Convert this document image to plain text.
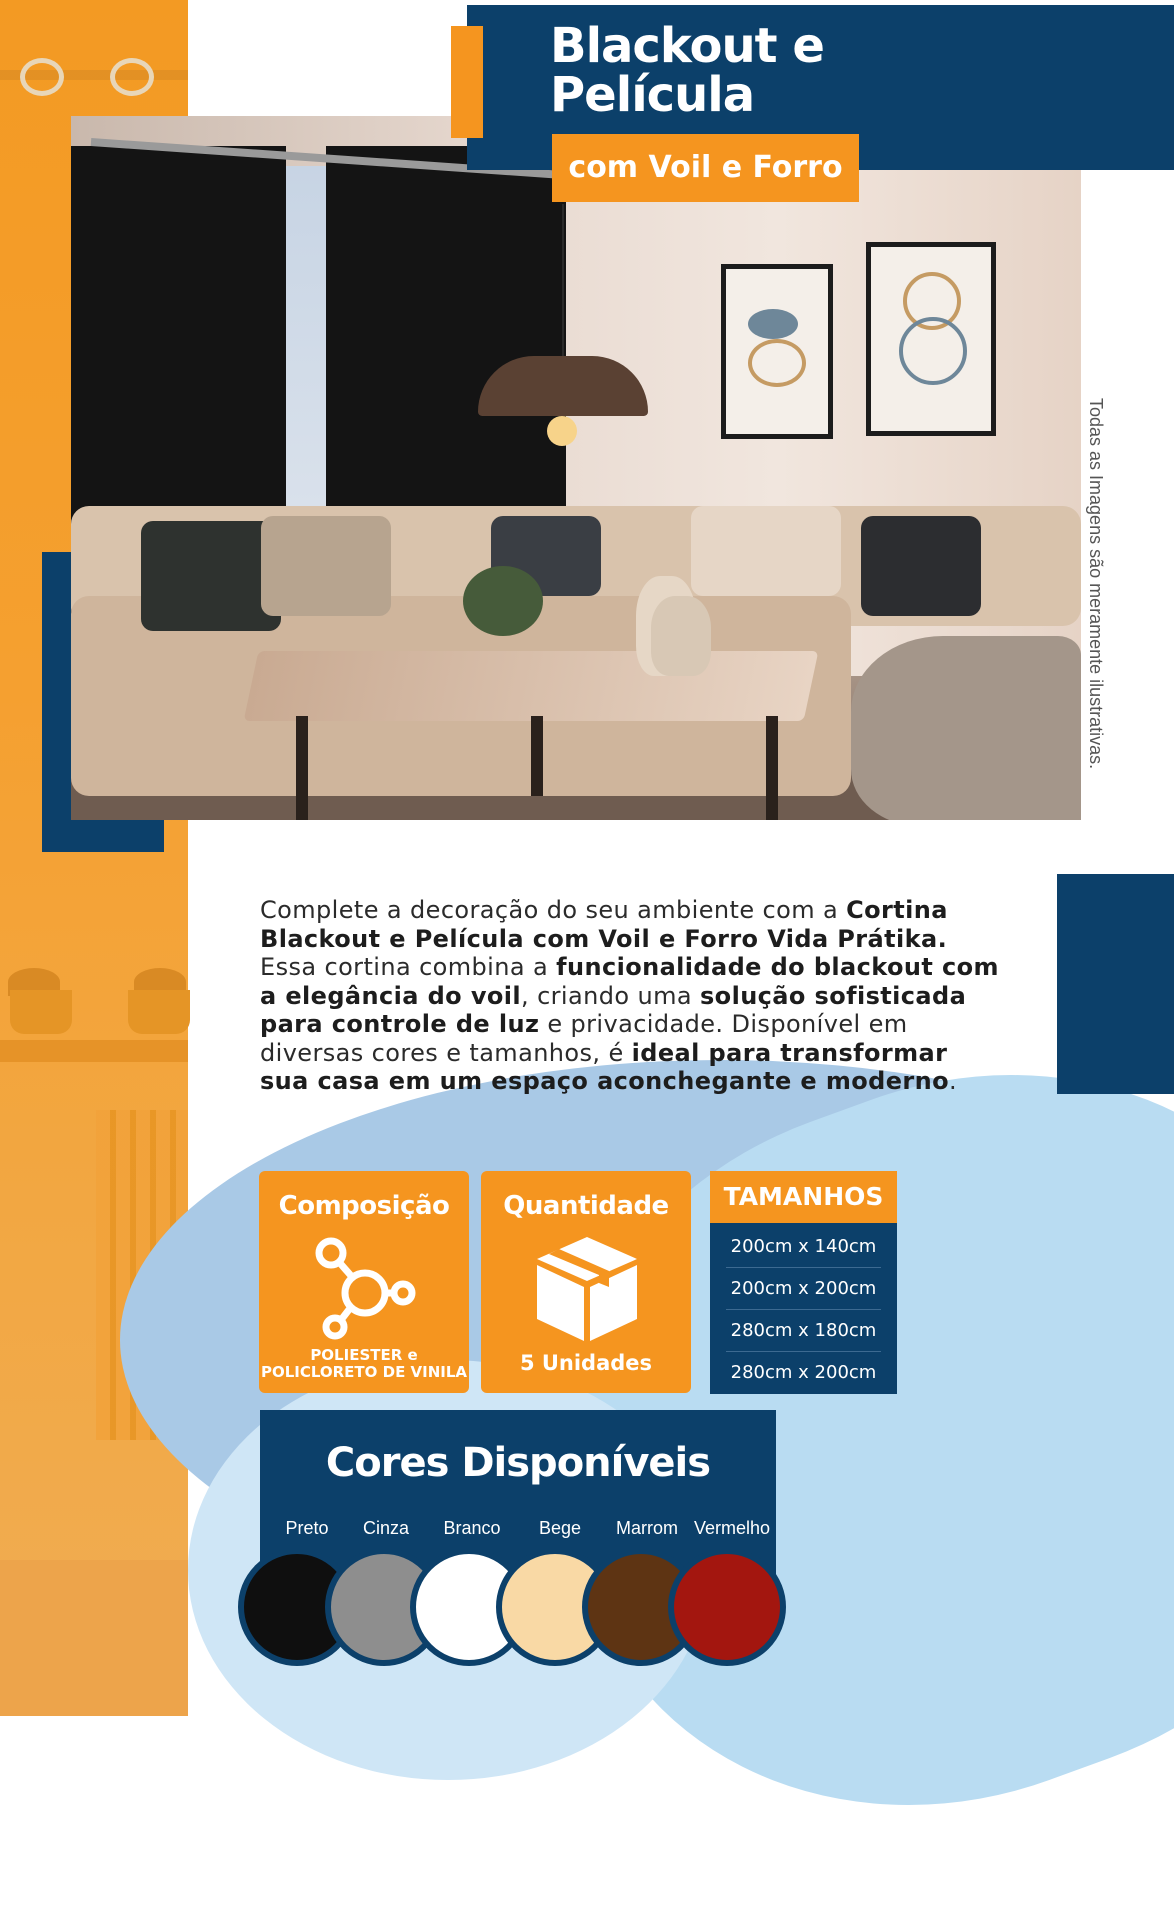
Blackout e
Película

com Voil e Forro

Todas as Imagens são meramente ilustrativas.

Complete a decoração do seu ambiente com a Cortina Blackout e Película com Voil e Forro Vida Prátika. Essa cortina combina a funcionalidade do blackout com a elegância do voil, criando uma solução sofisticada para controle de luz e privacidade. Disponível em diversas cores e tamanhos, é ideal para transformar sua casa em um espaço aconchegante e moderno.

Composição

POLIESTER e
POLICLORETO DE VINILA

Quantidade

5 Unidades

TAMANHOS

200cm x 140cm

200cm x 200cm

280cm x 180cm

280cm x 200cm

Cores Disponíveis

Preto	Cinza	Branco	Bege	Marrom Vermelho
